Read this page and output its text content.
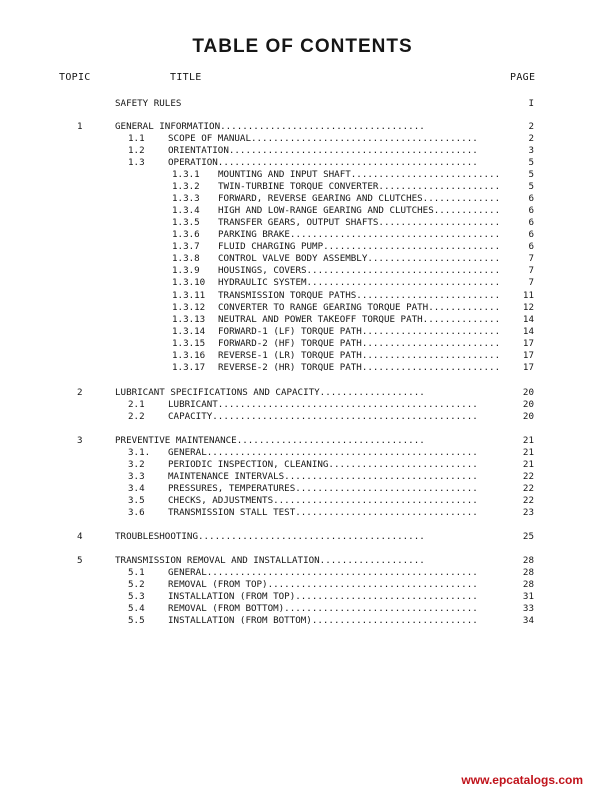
TABLE OF CONTENTS
TOPIC	TITLE	PAGE
SAFETY RULES	I
1	GENERAL INFORMATION.....................................	2
1.1	SCOPE OF MANUAL.........................................	2
1.2	ORIENTATION.............................................	3
1.3	OPERATION...............................................	5
1.3.1 MOUNTING AND INPUT SHAFT...........................	5
1.3.2 TWIN-TURBINE TORQUE CONVERTER......................	5
1.3.3 FORWARD, REVERSE GEARING AND CLUTCHES..............	6
1.3.4 HIGH AND LOW-RANGE GEARING AND CLUTCHES............	6
1.3.5 TRANSFER GEARS, OUTPUT SHAFTS......................	6
1.3.6 PARKING BRAKE......................................	6
1.3.7 FLUID CHARGING PUMP................................	6
1.3.8 CONTROL VALVE BODY ASSEMBLY........................	7
1.3.9 HOUSINGS, COVERS...................................	7
1.3.10 HYDRAULIC SYSTEM...................................	7
1.3.11 TRANSMISSION TORQUE PATHS..........................	11
1.3.12 CONVERTER TO RANGE GEARING TORQUE PATH.............	12
1.3.13 NEUTRAL AND POWER TAKEOFF TORQUE PATH..............	14
1.3.14 FORWARD-1 (LF) TORQUE PATH.........................	14
1.3.15 FORWARD-2 (HF) TORQUE PATH.........................	17
1.3.16 REVERSE-1 (LR) TORQUE PATH.........................	17
1.3.17 REVERSE-2 (HR) TORQUE PATH.........................	17
2	LUBRICANT SPECIFICATIONS AND CAPACITY...................	20
2.1	LUBRICANT...............................................	20
2.2	CAPACITY................................................	20
3	PREVENTIVE MAINTENANCE..................................	21
3.1. GENERAL.................................................	21
3.2	PERIODIC INSPECTION, CLEANING...........................	21
3.3	MAINTENANCE INTERVALS...................................	22
3.4	PRESSURES, TEMPERATURES.................................	22
3.5	CHECKS, ADJUSTMENTS.....................................	22
3.6	TRANSMISSION STALL TEST.................................	23
4	TROUBLESHOOTING.........................................	25
5	TRANSMISSION REMOVAL AND INSTALLATION...................	28
5.1	GENERAL.................................................	28
5.2	REMOVAL (FROM TOP)......................................	28
5.3	INSTALLATION (FROM TOP).................................	31
5.4	REMOVAL (FROM BOTTOM)...................................	33
5.5	INSTALLATION (FROM BOTTOM)..............................	34
www.epcatalogs.com
